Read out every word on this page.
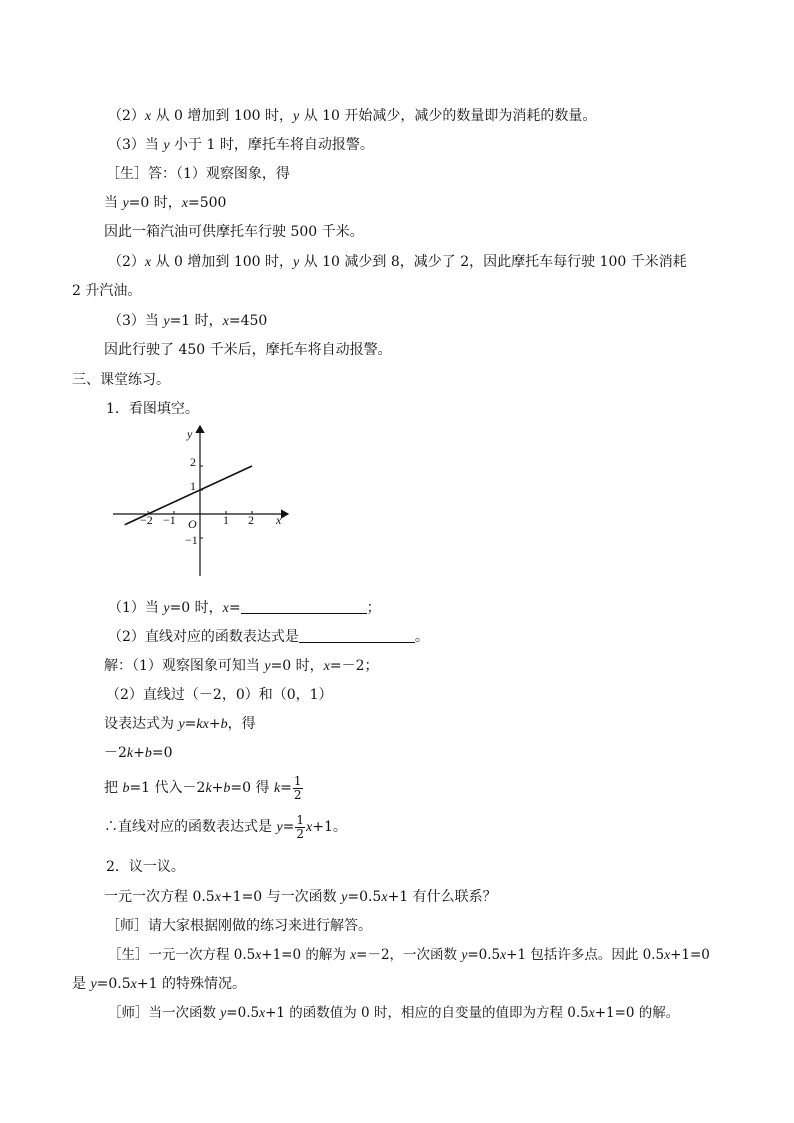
（2）x 从 0 增加到 100 时，y 从 10 开始减少，减少的数量即为消耗的数量。
（3）当 y 小于 1 时，摩托车将自动报警。
［生］答：（1）观察图象，得
当 y=0 时，x=500
因此一箱汽油可供摩托车行驶 500 千米。
（2）x 从 0 增加到 100 时，y 从 10 减少到 8，减少了 2，因此摩托车每行驶 100 千米消耗
2 升汽油。
（3）当 y=1 时，x=450
因此行驶了 450 千米后，摩托车将自动报警。
三、课堂练习。
1．看图填空。
y
x
O
−2 −1	1 2
2
1
−1
（1）当 y=0 时，x=	；
（2）直线对应的函数表达式是	。
解：（1）观察图象可知当 y=0 时，x=－2；
（2）直线过（－2，0）和（0，1）
设表达式为 y=kx+b，得
－2k+b=0
把 b=1 代入－2k+b=0 得 $k= \frac{1}{2}$
∴直线对应的函数表达式是 $y= \frac{1}{2} x+1$。
2．议一议。
一元一次方程 0.5x+1=0 与一次函数 y=0.5x+1 有什么联系？
［师］请大家根据刚做的练习来进行解答。
［生］一元一次方程 0.5x+1=0 的解为 x=－2，一次函数 y=0.5x+1 包括许多点。因此 0.5x+1=0
是 y=0.5x+1 的特殊情况。
［师］当一次函数 y=0.5x+1 的函数值为 0 时，相应的自变量的值即为方程 0.5x+1=0 的解。
